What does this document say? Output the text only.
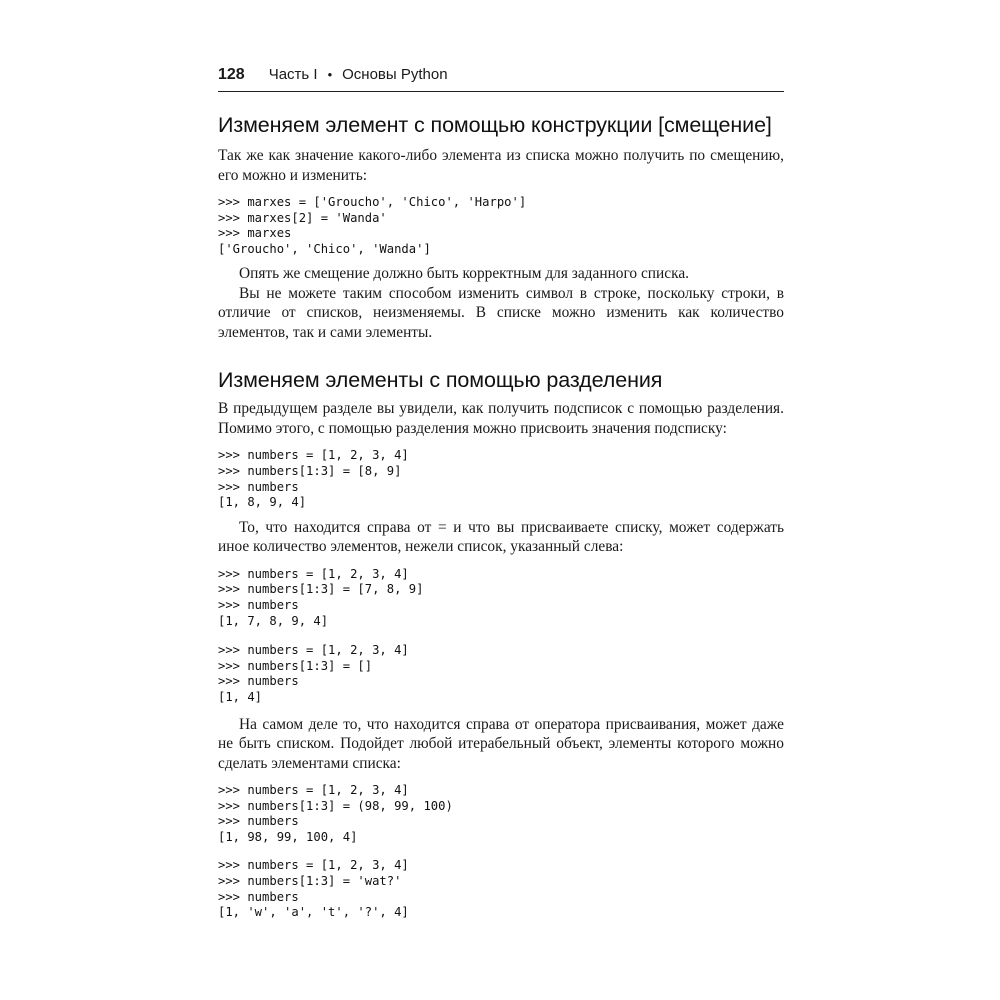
128 Часть I • Основы Python
Изменяем элемент с помощью конструкции [смещение]

Так же как значение какого-либо элемента из списка можно получить по смещению, его можно и изменить:

>>> marxes = ['Groucho', 'Chico', 'Harpo']
>>> marxes[2] = 'Wanda'
>>> marxes
['Groucho', 'Chico', 'Wanda']

Опять же смещение должно быть корректным для заданного списка.

Вы не можете таким способом изменить символ в строке, поскольку строки, в отличие от списков, неизменяемы. В списке можно изменить как количество элементов, так и сами элементы.

Изменяем элементы с помощью разделения

В предыдущем разделе вы увидели, как получить подсписок с помощью разделения. Помимо этого, с помощью разделения можно присвоить значения подсписку:

>>> numbers = [1, 2, 3, 4]
>>> numbers[1:3] = [8, 9]
>>> numbers
[1, 8, 9, 4]

То, что находится справа от = и что вы присваиваете списку, может содержать иное количество элементов, нежели список, указанный слева:

>>> numbers = [1, 2, 3, 4]
>>> numbers[1:3] = [7, 8, 9]
>>> numbers
[1, 7, 8, 9, 4]
>>> numbers = [1, 2, 3, 4]
>>> numbers[1:3] = []
>>> numbers
[1, 4]

На самом деле то, что находится справа от оператора присваивания, может даже не быть списком. Подойдет любой итерабельный объект, элементы которого можно сделать элементами списка:

>>> numbers = [1, 2, 3, 4]
>>> numbers[1:3] = (98, 99, 100)
>>> numbers
[1, 98, 99, 100, 4]
>>> numbers = [1, 2, 3, 4]
>>> numbers[1:3] = 'wat?'
>>> numbers
[1, 'w', 'a', 't', '?', 4]
